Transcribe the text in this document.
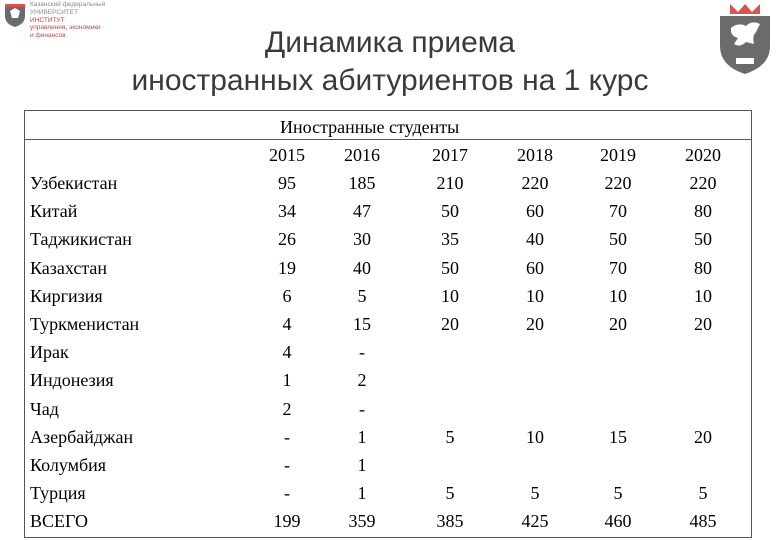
Казанский федеральный
УНИВЕРСИТЕТ
ИНСТИТУТ
управления, экономики
и финансов	Динамика приема
иностранных абитуриентов на 1 курс
Иностранные студенты
2015	2016	2017	2018	2019	2020
Узбекистан	95	185	210	220	220	220
Китай	34	47	50	60	70	80
Таджикистан	26	30	35	40	50	50
Казахстан	19	40	50	60	70	80
Киргизия	6	5	10	10	10	10
Туркменистан	4	15	20	20	20	20
Ирак	4	-
Индонезия	1	2
Чад	2	-
Азербайджан	-	1	5	10	15	20
Колумбия	-	1
Турция	-	1	5	5	5	5
ВСЕГО	199	359	385	425	460	485
